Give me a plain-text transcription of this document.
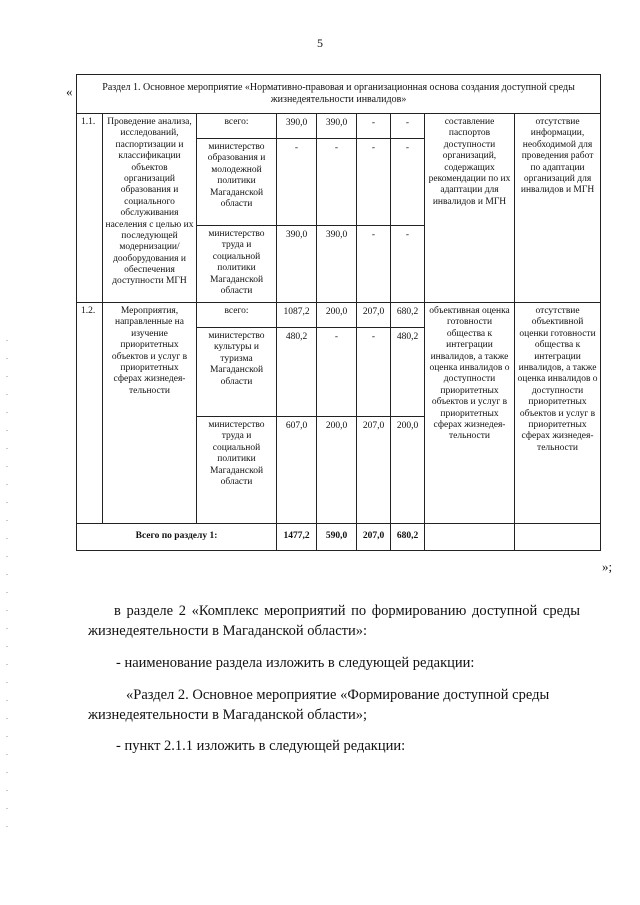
5
«
»;
Раздел 1. Основное мероприятие «Нормативно-правовая и организационная основа создания доступной среды жизнедеятельности инвалидов»								
1.1.	Проведение анализа, исследований, паспортизации и классификации объектов организаций образования и социального обслуживания населения с целью их последующей модернизации/ дооборудования и обеспечения доступности МГН	всего:	390,0	390,0	-	-	составление паспортов доступности организаций, содержащих рекомендации по их адаптации для инвалидов и МГН	отсутствие информации, необходимой для проведения работ по адаптации организаций для инвалидов и МГН
		министерство образования и молодежной политики Магаданской области	-	-	-	-		
		министерство труда и социальной политики Магаданской области	390,0	390,0	-	-		
1.2.	Мероприятия, направленные на изучение приоритетных объектов и услуг в приоритетных сферах жизнедея-тельности	всего:	1087,2	200,0	207,0	680,2	объективная оценка готовности общества к интеграции инвалидов, а также оценка инвалидов о доступности приоритетных объектов и услуг в приоритетных сферах жизнедея-тельности	отсутствие объективной оценки готовности общества к интеграции инвалидов, а также оценка инвалидов о доступности приоритетных объектов и услуг в приоритетных сферах жизнедея-тельности
		министерство культуры и туризма Магаданской области	480,2	-	-	480,2		
		министерство труда и социальной политики Магаданской области	607,0	200,0	207,0	200,0		
Всего по разделу 1:			1477,2	590,0	207,0	680,2		
в разделе 2 «Комплекс мероприятий по формированию доступной среды жизнедеятельности в Магаданской области»:
- наименование раздела изложить в следующей редакции:
«Раздел 2. Основное мероприятие «Формирование доступной среды жизнедеятельности в Магаданской области»;
- пункт 2.1.1 изложить в следующей редакции:
